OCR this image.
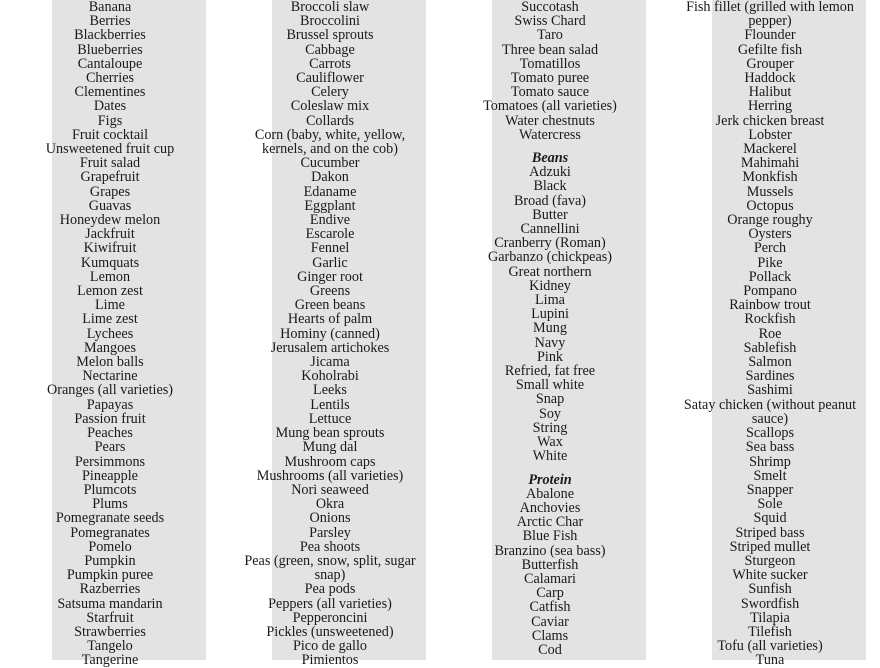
Banana
Berries
Blackberries
Blueberries
Cantaloupe
Cherries
Clementines
Dates
Figs
Fruit cocktail
Unsweetened fruit cup
Fruit salad
Grapefruit
Grapes
Guavas
Honeydew melon
Jackfruit
Kiwifruit
Kumquats
Lemon
Lemon zest
Lime
Lime zest
Lychees
Mangoes
Melon balls
Nectarine
Oranges (all varieties)
Papayas
Passion fruit
Peaches
Pears
Persimmons
Pineapple
Plumcots
Plums
Pomegranate seeds
Pomegranates
Pomelo
Pumpkin
Pumpkin puree
Razberries
Satsuma mandarin
Starfruit
Strawberries
Tangelo
Tangerine
Broccoli slaw
Broccolini
Brussel sprouts
Cabbage
Carrots
Cauliflower
Celery
Coleslaw mix
Collards
Corn (baby, white, yellow, kernels, and on the cob)
Cucumber
Dakon
Edaname
Eggplant
Endive
Escarole
Fennel
Garlic
Ginger root
Greens
Green beans
Hearts of palm
Hominy (canned)
Jerusalem artichokes
Jicama
Koholrabi
Leeks
Lentils
Lettuce
Mung bean sprouts
Mung dal
Mushroom caps
Mushrooms (all varieties)
Nori seaweed
Okra
Onions
Parsley
Pea shoots
Peas (green, snow, split, sugar snap)
Pea pods
Peppers (all varieties)
Pepperoncini
Pickles (unsweetened)
Pico de gallo
Pimientos
Succotash
Swiss Chard
Taro
Three bean salad
Tomatillos
Tomato puree
Tomato sauce
Tomatoes (all varieties)
Water chestnuts
Watercress
Beans
Adzuki
Black
Broad (fava)
Butter
Cannellini
Cranberry (Roman)
Garbanzo (chickpeas)
Great northern
Kidney
Lima
Lupini
Mung
Navy
Pink
Refried, fat free
Small white
Snap
Soy
String
Wax
White
Protein
Abalone
Anchovies
Arctic Char
Blue Fish
Branzino (sea bass)
Butterfish
Calamari
Carp
Catfish
Caviar
Clams
Cod
Fish fillet (grilled with lemon pepper)
Flounder
Gefilte fish
Grouper
Haddock
Halibut
Herring
Jerk chicken breast
Lobster
Mackerel
Mahimahi
Monkfish
Mussels
Octopus
Orange roughy
Oysters
Perch
Pike
Pollack
Pompano
Rainbow trout
Rockfish
Roe
Sablefish
Salmon
Sardines
Sashimi
Satay chicken (without peanut sauce)
Scallops
Sea bass
Shrimp
Smelt
Snapper
Sole
Squid
Striped bass
Striped mullet
Sturgeon
White sucker
Sunfish
Swordfish
Tilapia
Tilefish
Tofu (all varieties)
Tuna
